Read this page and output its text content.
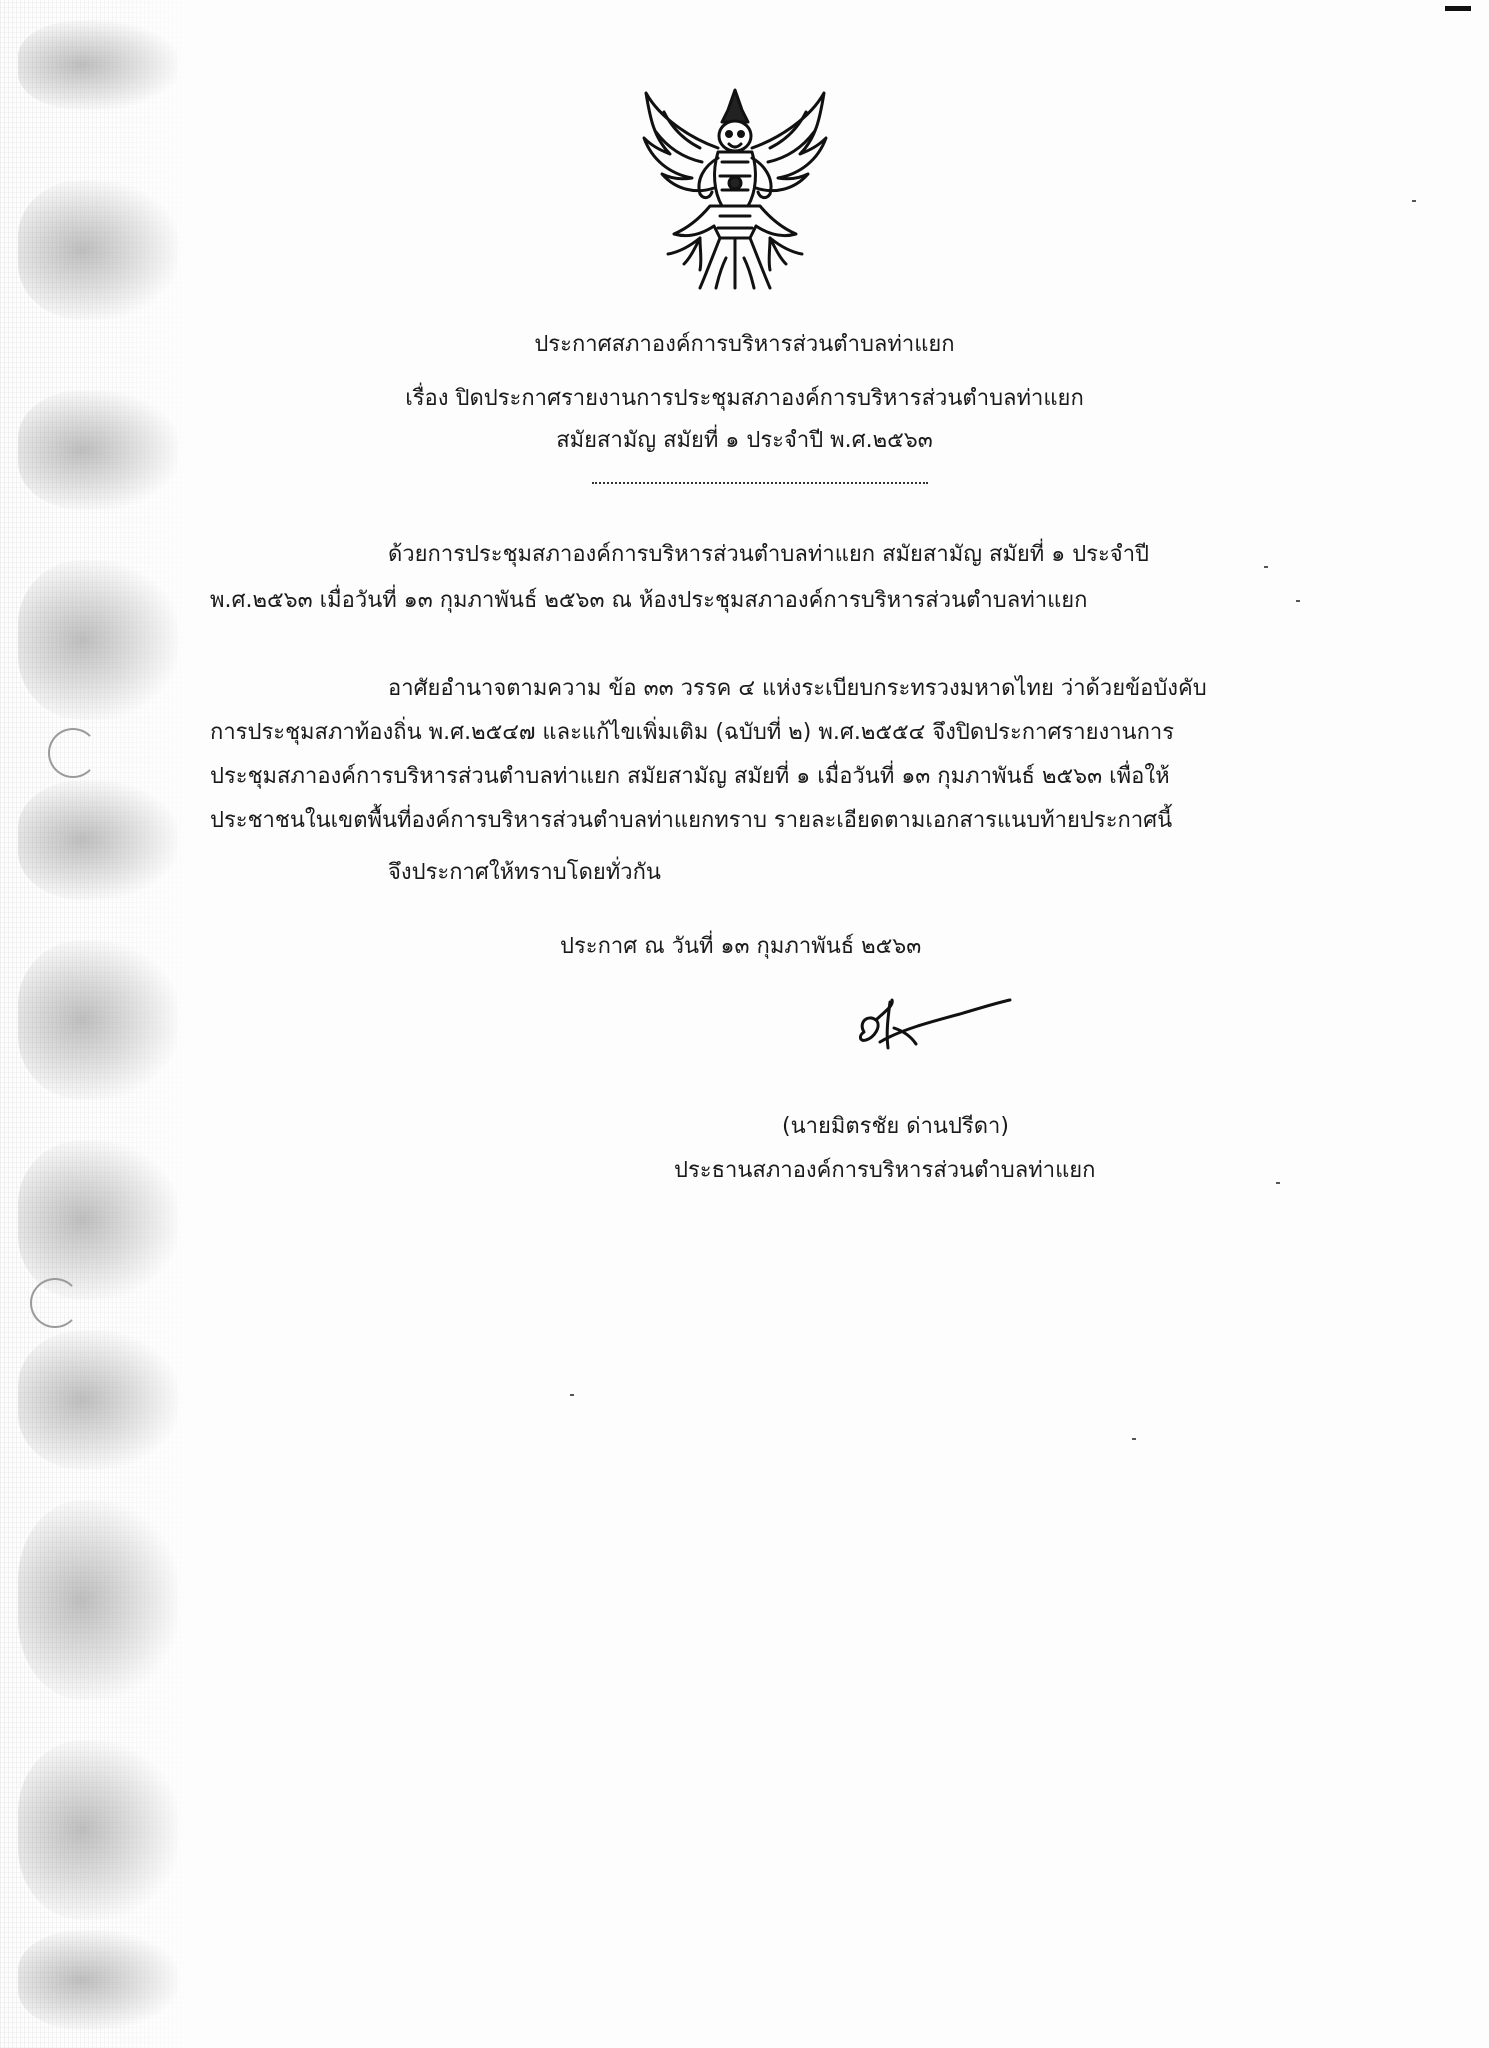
ประกาศสภาองค์การบริหารส่วนตำบลท่าแยก
เรื่อง ปิดประกาศรายงานการประชุมสภาองค์การบริหารส่วนตำบลท่าแยก
สมัยสามัญ สมัยที่ ๑ ประจำปี พ.ศ.๒๕๖๓
ด้วยการประชุมสภาองค์การบริหารส่วนตำบลท่าแยก สมัยสามัญ สมัยที่ ๑ ประจำปี
พ.ศ.๒๕๖๓ เมื่อวันที่ ๑๓ กุมภาพันธ์ ๒๕๖๓ ณ ห้องประชุมสภาองค์การบริหารส่วนตำบลท่าแยก
อาศัยอำนาจตามความ ข้อ ๓๓ วรรค ๔ แห่งระเบียบกระทรวงมหาดไทย ว่าด้วยข้อบังคับ
การประชุมสภาท้องถิ่น พ.ศ.๒๕๔๗ และแก้ไขเพิ่มเติม (ฉบับที่ ๒) พ.ศ.๒๕๕๔ จึงปิดประกาศรายงานการ
ประชุมสภาองค์การบริหารส่วนตำบลท่าแยก สมัยสามัญ สมัยที่ ๑ เมื่อวันที่ ๑๓ กุมภาพันธ์ ๒๕๖๓ เพื่อให้
ประชาชนในเขตพื้นที่องค์การบริหารส่วนตำบลท่าแยกทราบ รายละเอียดตามเอกสารแนบท้ายประกาศนี้
จึงประกาศให้ทราบโดยทั่วกัน
ประกาศ ณ วันที่ ๑๓ กุมภาพันธ์ ๒๕๖๓
(นายมิตรชัย ด่านปรีดา)
ประธานสภาองค์การบริหารส่วนตำบลท่าแยก
